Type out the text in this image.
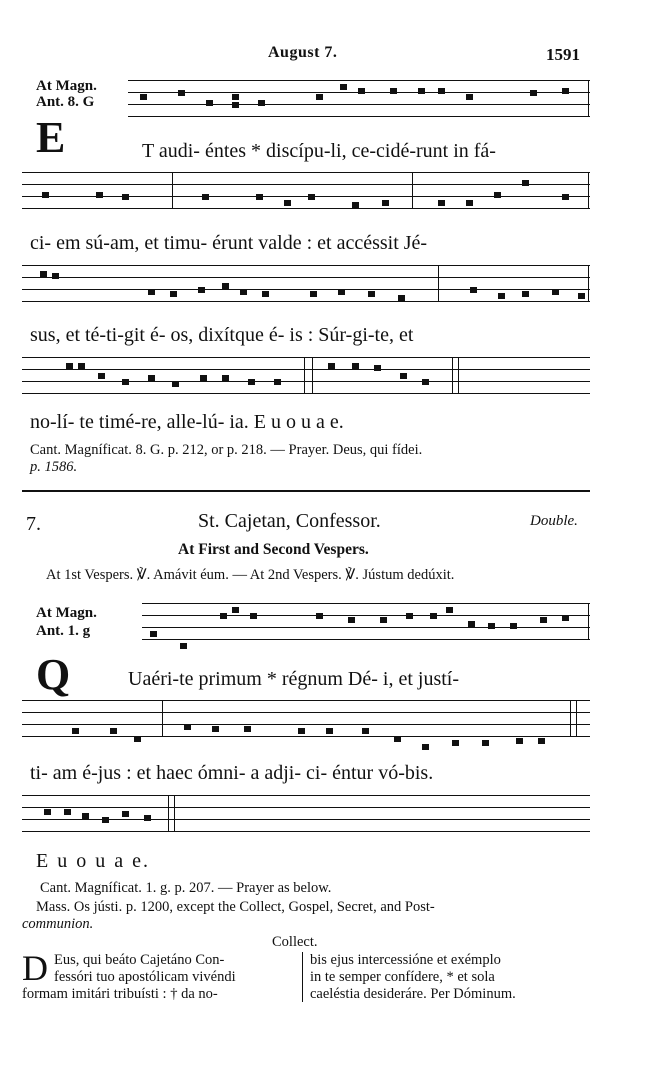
August 7.	1591
At Magn.
Ant. 8. G
E	T audi- éntes * discípu-li, ce-cidé-runt in fá-
ci- em sú-am, et timu- érunt valde : et accéssit Jé-
sus, et té-ti-git é- os, dixítque é- is : Súr-gi-te, et
no-lí- te timé-re, alle-lú- ia. E u o u a e.
Cant. Magníficat. 8. G. p. 212, or p. 218. — Prayer. Deus, qui fídei.
p. 1586.
7.	St. Cajetan, Confessor.	Double.
At First and Second Vespers.
At 1st Vespers. ℣. Amávit éum. — At 2nd Vespers. ℣. Jústum dedúxit.
At Magn.
Ant. 1. g
Q	Uaéri-te primum * régnum Dé- i, et justí-
ti- am é-jus : et haec ómni- a adji- ci- éntur vó-bis.
E u o u a e.
Cant. Magníficat. 1. g. p. 207. — Prayer as below.
Mass. Os jústi. p. 1200, except the Collect, Gospel, Secret, and Post-
communion.
Collect.
D Eus, qui beáto Cajetáno Con-
fessóri tuo apostólicam vivéndi
formam imitári tribuísti : † da no-
bis ejus intercessióne et exémplo
in te semper confídere, * et sola
caeléstia desideráre. Per Dóminum.
